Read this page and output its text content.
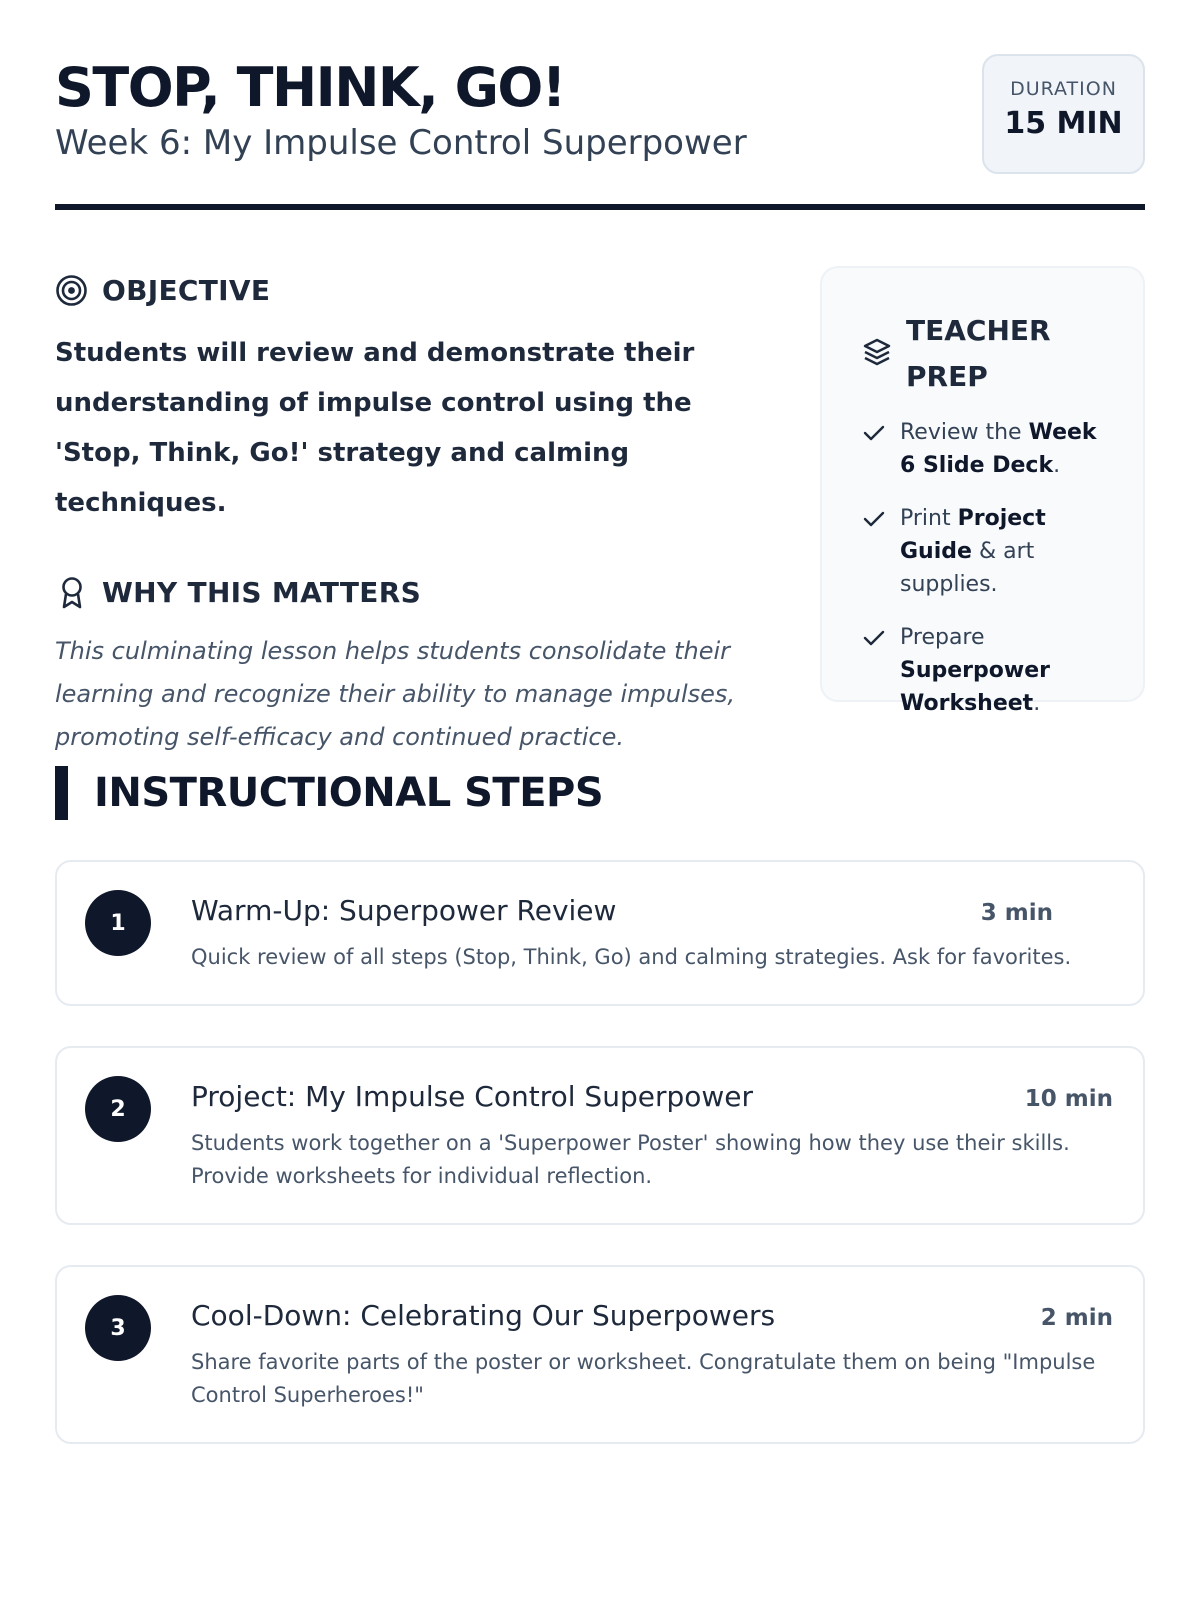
STOP, THINK, GO!
Week 6: My Impulse Control Superpower
DURATION
15 MIN
OBJECTIVE

Students will review and demonstrate their understanding of impulse control using the 'Stop, Think, Go!' strategy and calming techniques.

WHY THIS MATTERS

This culminating lesson helps students consolidate their learning and recognize their ability to manage impulses, promoting self-efficacy and continued practice.

TEACHER PREP
Review the Week 6 Slide Deck.
Print Project Guide & art supplies.
Prepare Superpower Worksheet.
INSTRUCTIONAL STEPS
1	Warm-Up: Superpower Review	3 min

Quick review of all steps (Stop, Think, Go) and calming strategies. Ask for favorites.

2	Project: My Impulse Control Superpower	10 min

Students work together on a 'Superpower Poster' showing how they use their skills. Provide worksheets for individual reflection.

3	Cool-Down: Celebrating Our Superpowers	2 min

Share favorite parts of the poster or worksheet. Congratulate them on being "Impulse Control Superheroes!"
